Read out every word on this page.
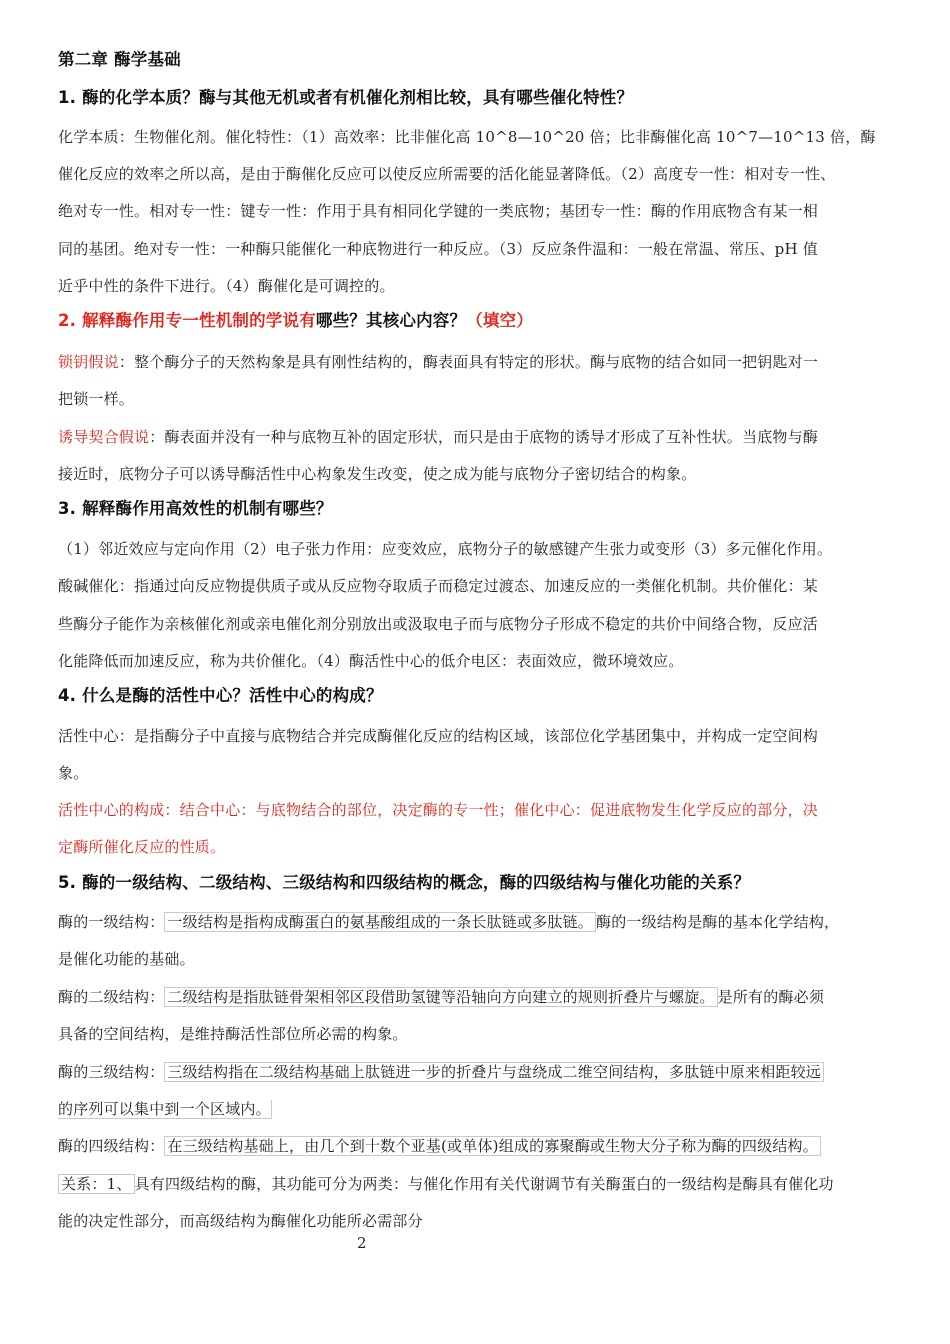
第二章 酶学基础
1. 酶的化学本质？酶与其他无机或者有机催化剂相比较，具有哪些催化特性？
化学本质：生物催化剂。催化特性：（1）高效率：比非催化高 10^8—10^20 倍；比非酶催化高 10^7—10^13 倍，酶
催化反应的效率之所以高，是由于酶催化反应可以使反应所需要的活化能显著降低。（2）高度专一性：相对专一性、
绝对专一性。相对专一性：键专一性：作用于具有相同化学键的一类底物；基团专一性：酶的作用底物含有某一相
同的基团。绝对专一性：一种酶只能催化一种底物进行一种反应。（3）反应条件温和：一般在常温、常压、pH 值
近乎中性的条件下进行。（4）酶催化是可调控的。
2. 解释酶作用专一性机制的学说有哪些？其核心内容？（填空）
锁钥假说：整个酶分子的天然构象是具有刚性结构的，酶表面具有特定的形状。酶与底物的结合如同一把钥匙对一
把锁一样。
诱导契合假说：酶表面并没有一种与底物互补的固定形状，而只是由于底物的诱导才形成了互补性状。当底物与酶
接近时，底物分子可以诱导酶活性中心构象发生改变，使之成为能与底物分子密切结合的构象。
3. 解释酶作用高效性的机制有哪些？
（1）邻近效应与定向作用（2）电子张力作用：应变效应，底物分子的敏感键产生张力或变形（3）多元催化作用。
酸碱催化：指通过向反应物提供质子或从反应物夺取质子而稳定过渡态、加速反应的一类催化机制。共价催化：某
些酶分子能作为亲核催化剂或亲电催化剂分别放出或汲取电子而与底物分子形成不稳定的共价中间络合物，反应活
化能降低而加速反应，称为共价催化。（4）酶活性中心的低介电区：表面效应，微环境效应。
4. 什么是酶的活性中心？活性中心的构成？
活性中心：是指酶分子中直接与底物结合并完成酶催化反应的结构区域，该部位化学基团集中，并构成一定空间构
象。
活性中心的构成：结合中心：与底物结合的部位，决定酶的专一性；催化中心：促进底物发生化学反应的部分，决
定酶所催化反应的性质。
5. 酶的一级结构、二级结构、三级结构和四级结构的概念，酶的四级结构与催化功能的关系？
酶的一级结构： 一级结构是指构成酶蛋白的氨基酸组成的一条长肽链或多肽链。 酶的一级结构是酶的基本化学结构，
是催化功能的基础。
酶的二级结构： 二级结构是指肽链骨架相邻区段借助氢键等沿轴向方向建立的规则折叠片与螺旋。 是所有的酶必须
具备的空间结构，是维持酶活性部位所必需的构象。
酶的三级结构： 三级结构指在二级结构基础上肽链进一步的折叠片与盘绕成二维空间结构，多肽链中原来相距较远
的序列可以集中到一个区域内。
酶的四级结构： 在三级结构基础上，由几个到十数个亚基(或单体)组成的寡聚酶或生物大分子称为酶的四级结构。
关系：1、 具有四级结构的酶，其功能可分为两类：与催化作用有关代谢调节有关酶蛋白的一级结构是酶具有催化功
能的决定性部分，而高级结构为酶催化功能所必需部分
2
